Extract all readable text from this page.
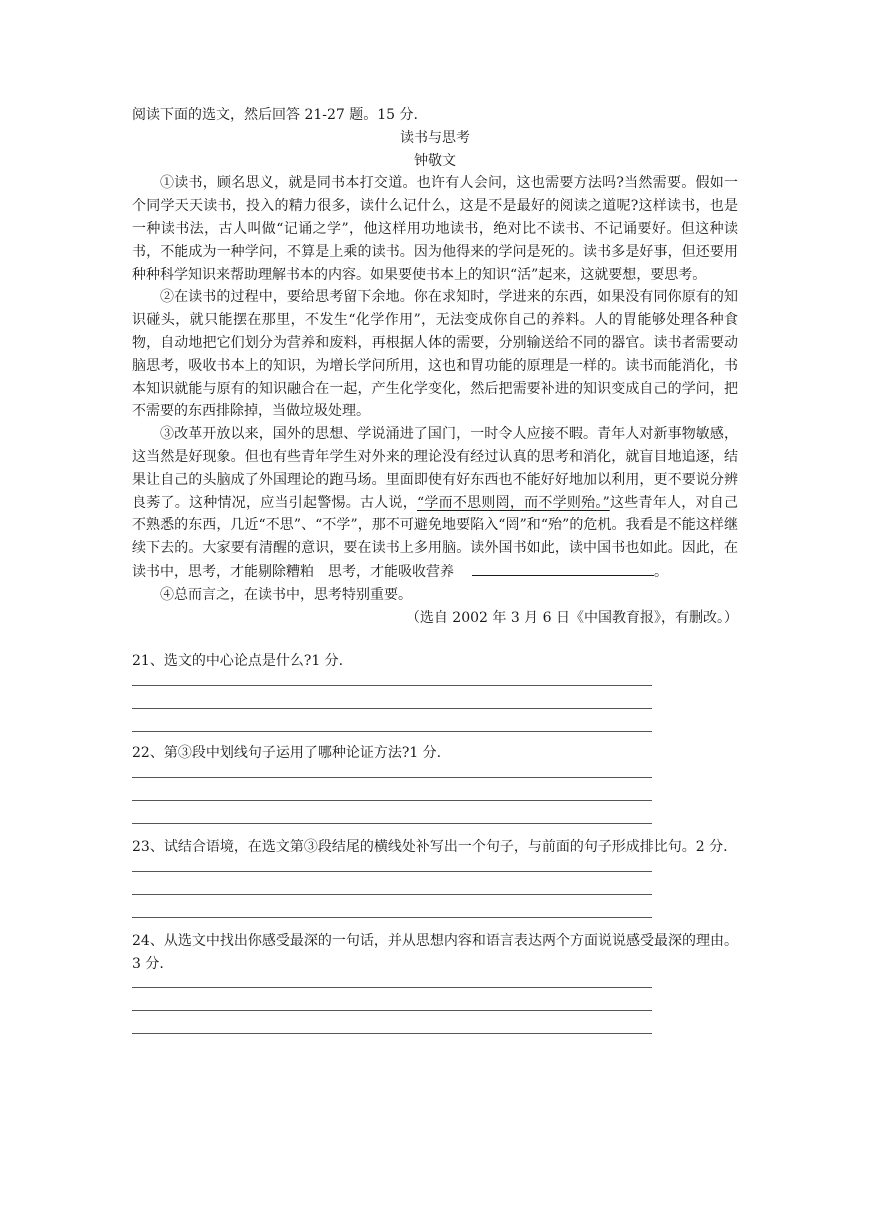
阅读下面的选文，然后回答 21-27 题。15 分.

读书与思考

钟敬文

①读书，顾名思义，就是同书本打交道。也许有人会问，这也需要方法吗?当然需要。假如一个同学天天读书，投入的精力很多，读什么记什么，这是不是最好的阅读之道呢?这样读书，也是一种读书法，古人叫做“记诵之学”，他这样用功地读书，绝对比不读书、不记诵要好。但这种读书，不能成为一种学问，不算是上乘的读书。因为他得来的学问是死的。读书多是好事，但还要用种种科学知识来帮助理解书本的内容。如果要使书本上的知识“活”起来，这就要想，要思考。

②在读书的过程中，要给思考留下余地。你在求知时，学进来的东西，如果没有同你原有的知识碰头，就只能摆在那里，不发生“化学作用”，无法变成你自己的养料。人的胃能够处理各种食物，自动地把它们划分为营养和废料，再根据人体的需要，分别输送给不同的器官。读书者需要动脑思考，吸收书本上的知识，为增长学问所用，这也和胃功能的原理是一样的。读书而能消化，书本知识就能与原有的知识融合在一起，产生化学变化，然后把需要补进的知识变成自己的学问，把不需要的东西排除掉，当做垃圾处理。

③改革开放以来，国外的思想、学说涌进了国门，一时令人应接不暇。青年人对新事物敏感，这当然是好现象。但也有些青年学生对外来的理论没有经过认真的思考和消化，就盲目地追逐，结果让自己的头脑成了外国理论的跑马场。里面即使有好东西也不能好好地加以利用，更不要说分辨良莠了。这种情况，应当引起警惕。古人说，“学而不思则罔，而不学则殆。”这些青年人，对自己不熟悉的东西，几近“不思”、“不学”，那不可避免地要陷入“罔”和“殆”的危机。我看是不能这样继续下去的。大家要有清醒的意识，要在读书上多用脑。读外国书如此，读中国书也如此。因此，在读书中，思考，才能剔除糟粕　思考，才能吸收营养	。

④总而言之，在读书中，思考特别重要。

（选自 2002 年 3 月 6 日《中国教育报》，有删改。）

21、选文的中心论点是什么?1 分.

22、第③段中划线句子运用了哪种论证方法?1 分.

23、试结合语境，在选文第③段结尾的横线处补写出一个句子，与前面的句子形成排比句。2 分.

24、从选文中找出你感受最深的一句话，并从思想内容和语言表达两个方面说说感受最深的理由。3 分.
